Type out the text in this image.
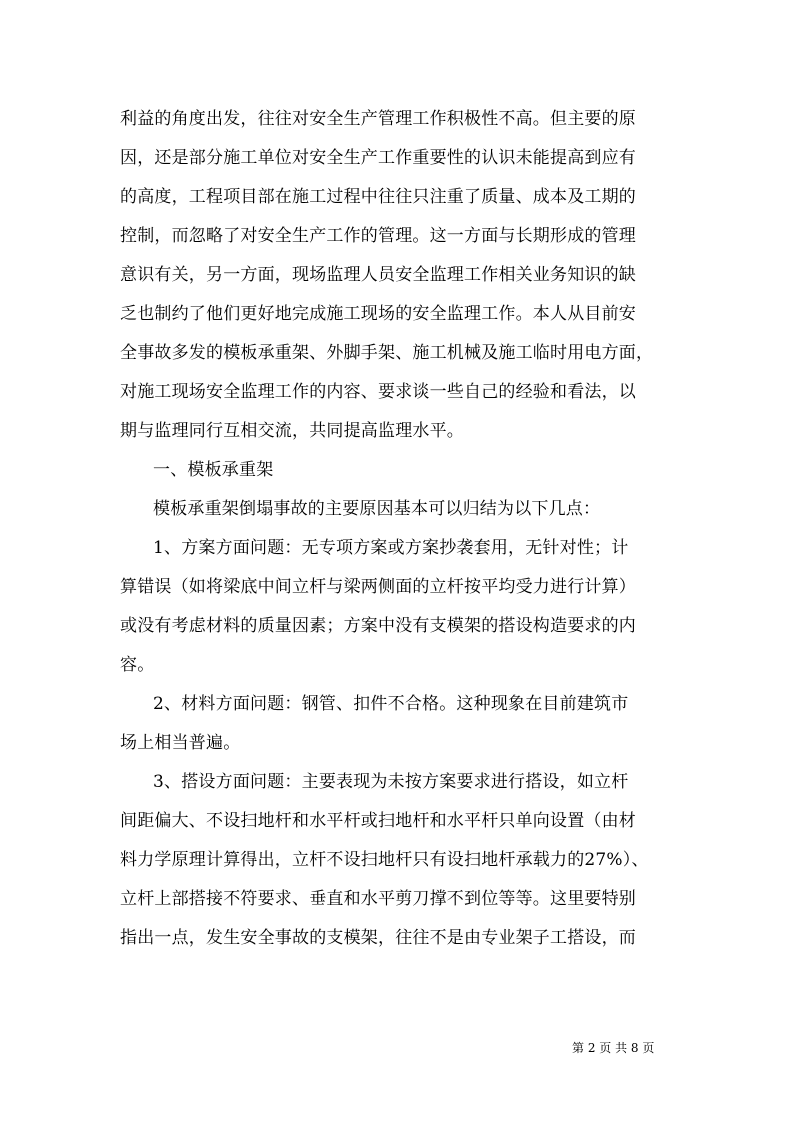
利益的角度出发，往往对安全生产管理工作积极性不高。但主要的原
因，还是部分施工单位对安全生产工作重要性的认识未能提高到应有
的高度，工程项目部在施工过程中往往只注重了质量、成本及工期的
控制，而忽略了对安全生产工作的管理。这一方面与长期形成的管理
意识有关，另一方面，现场监理人员安全监理工作相关业务知识的缺
乏也制约了他们更好地完成施工现场的安全监理工作。本人从目前安
全事故多发的模板承重架、外脚手架、施工机械及施工临时用电方面，
对施工现场安全监理工作的内容、要求谈一些自己的经验和看法，以
期与监理同行互相交流，共同提高监理水平。
一、模板承重架
模板承重架倒塌事故的主要原因基本可以归结为以下几点：
1、方案方面问题：无专项方案或方案抄袭套用，无针对性；计
算错误（如将梁底中间立杆与梁两侧面的立杆按平均受力进行计算）
或没有考虑材料的质量因素；方案中没有支模架的搭设构造要求的内
容。
2、材料方面问题：钢管、扣件不合格。这种现象在目前建筑市
场上相当普遍。
3、搭设方面问题：主要表现为未按方案要求进行搭设，如立杆
间距偏大、不设扫地杆和水平杆或扫地杆和水平杆只单向设置（由材
料力学原理计算得出，立杆不设扫地杆只有设扫地杆承载力的27%）、
立杆上部搭接不符要求、垂直和水平剪刀撑不到位等等。这里要特别
指出一点，发生安全事故的支模架，往往不是由专业架子工搭设，而
第 2 页 共 8 页
